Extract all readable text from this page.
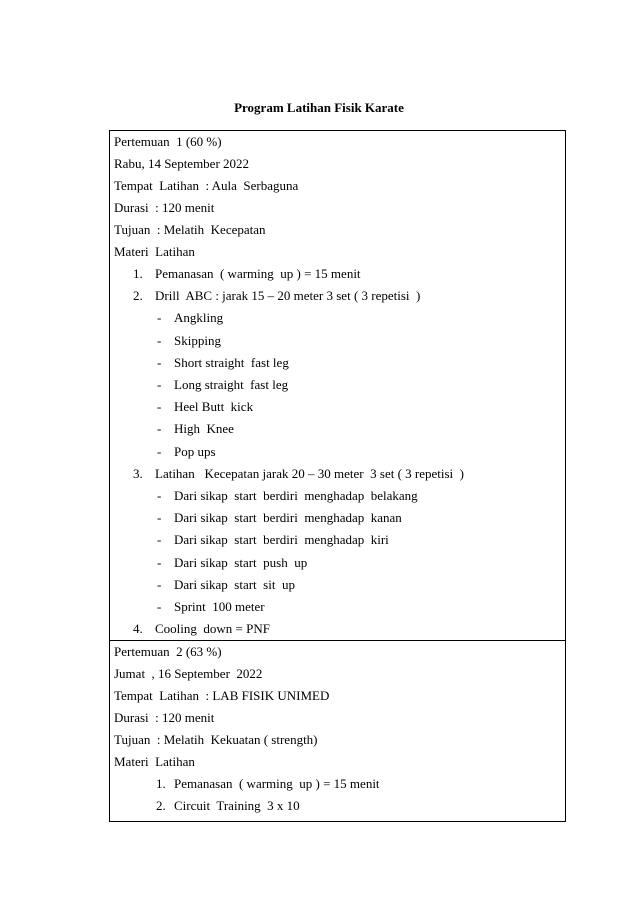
Program Latihan Fisik Karate
Pertemuan  1 (60 %)
Rabu, 14 September 2022
Tempat  Latihan  : Aula  Serbaguna
Durasi  : 120 menit
Tujuan  : Melatih  Kecepatan
Materi  Latihan
1. Pemanasan  ( warming  up ) = 15 menit
2. Drill  ABC : jarak 15 – 20 meter 3 set ( 3 repetisi  )
- Angkling
- Skipping
- Short straight  fast leg
- Long straight  fast leg
- Heel Butt  kick
- High  Knee
- Pop ups
3. Latihan   Kecepatan jarak 20 – 30 meter  3 set ( 3 repetisi  )
- Dari sikap  start  berdiri  menghadap  belakang
- Dari sikap  start  berdiri  menghadap  kanan
- Dari sikap  start  berdiri  menghadap  kiri
- Dari sikap  start  push  up
- Dari sikap  start  sit  up
- Sprint  100 meter
4. Cooling  down = PNF
Pertemuan  2 (63 %)
Jumat  , 16 September  2022
Tempat  Latihan  : LAB FISIK UNIMED
Durasi  : 120 menit
Tujuan  : Melatih  Kekuatan ( strength)
Materi  Latihan
1. Pemanasan  ( warming  up ) = 15 menit
2. Circuit  Training  3 x 10
